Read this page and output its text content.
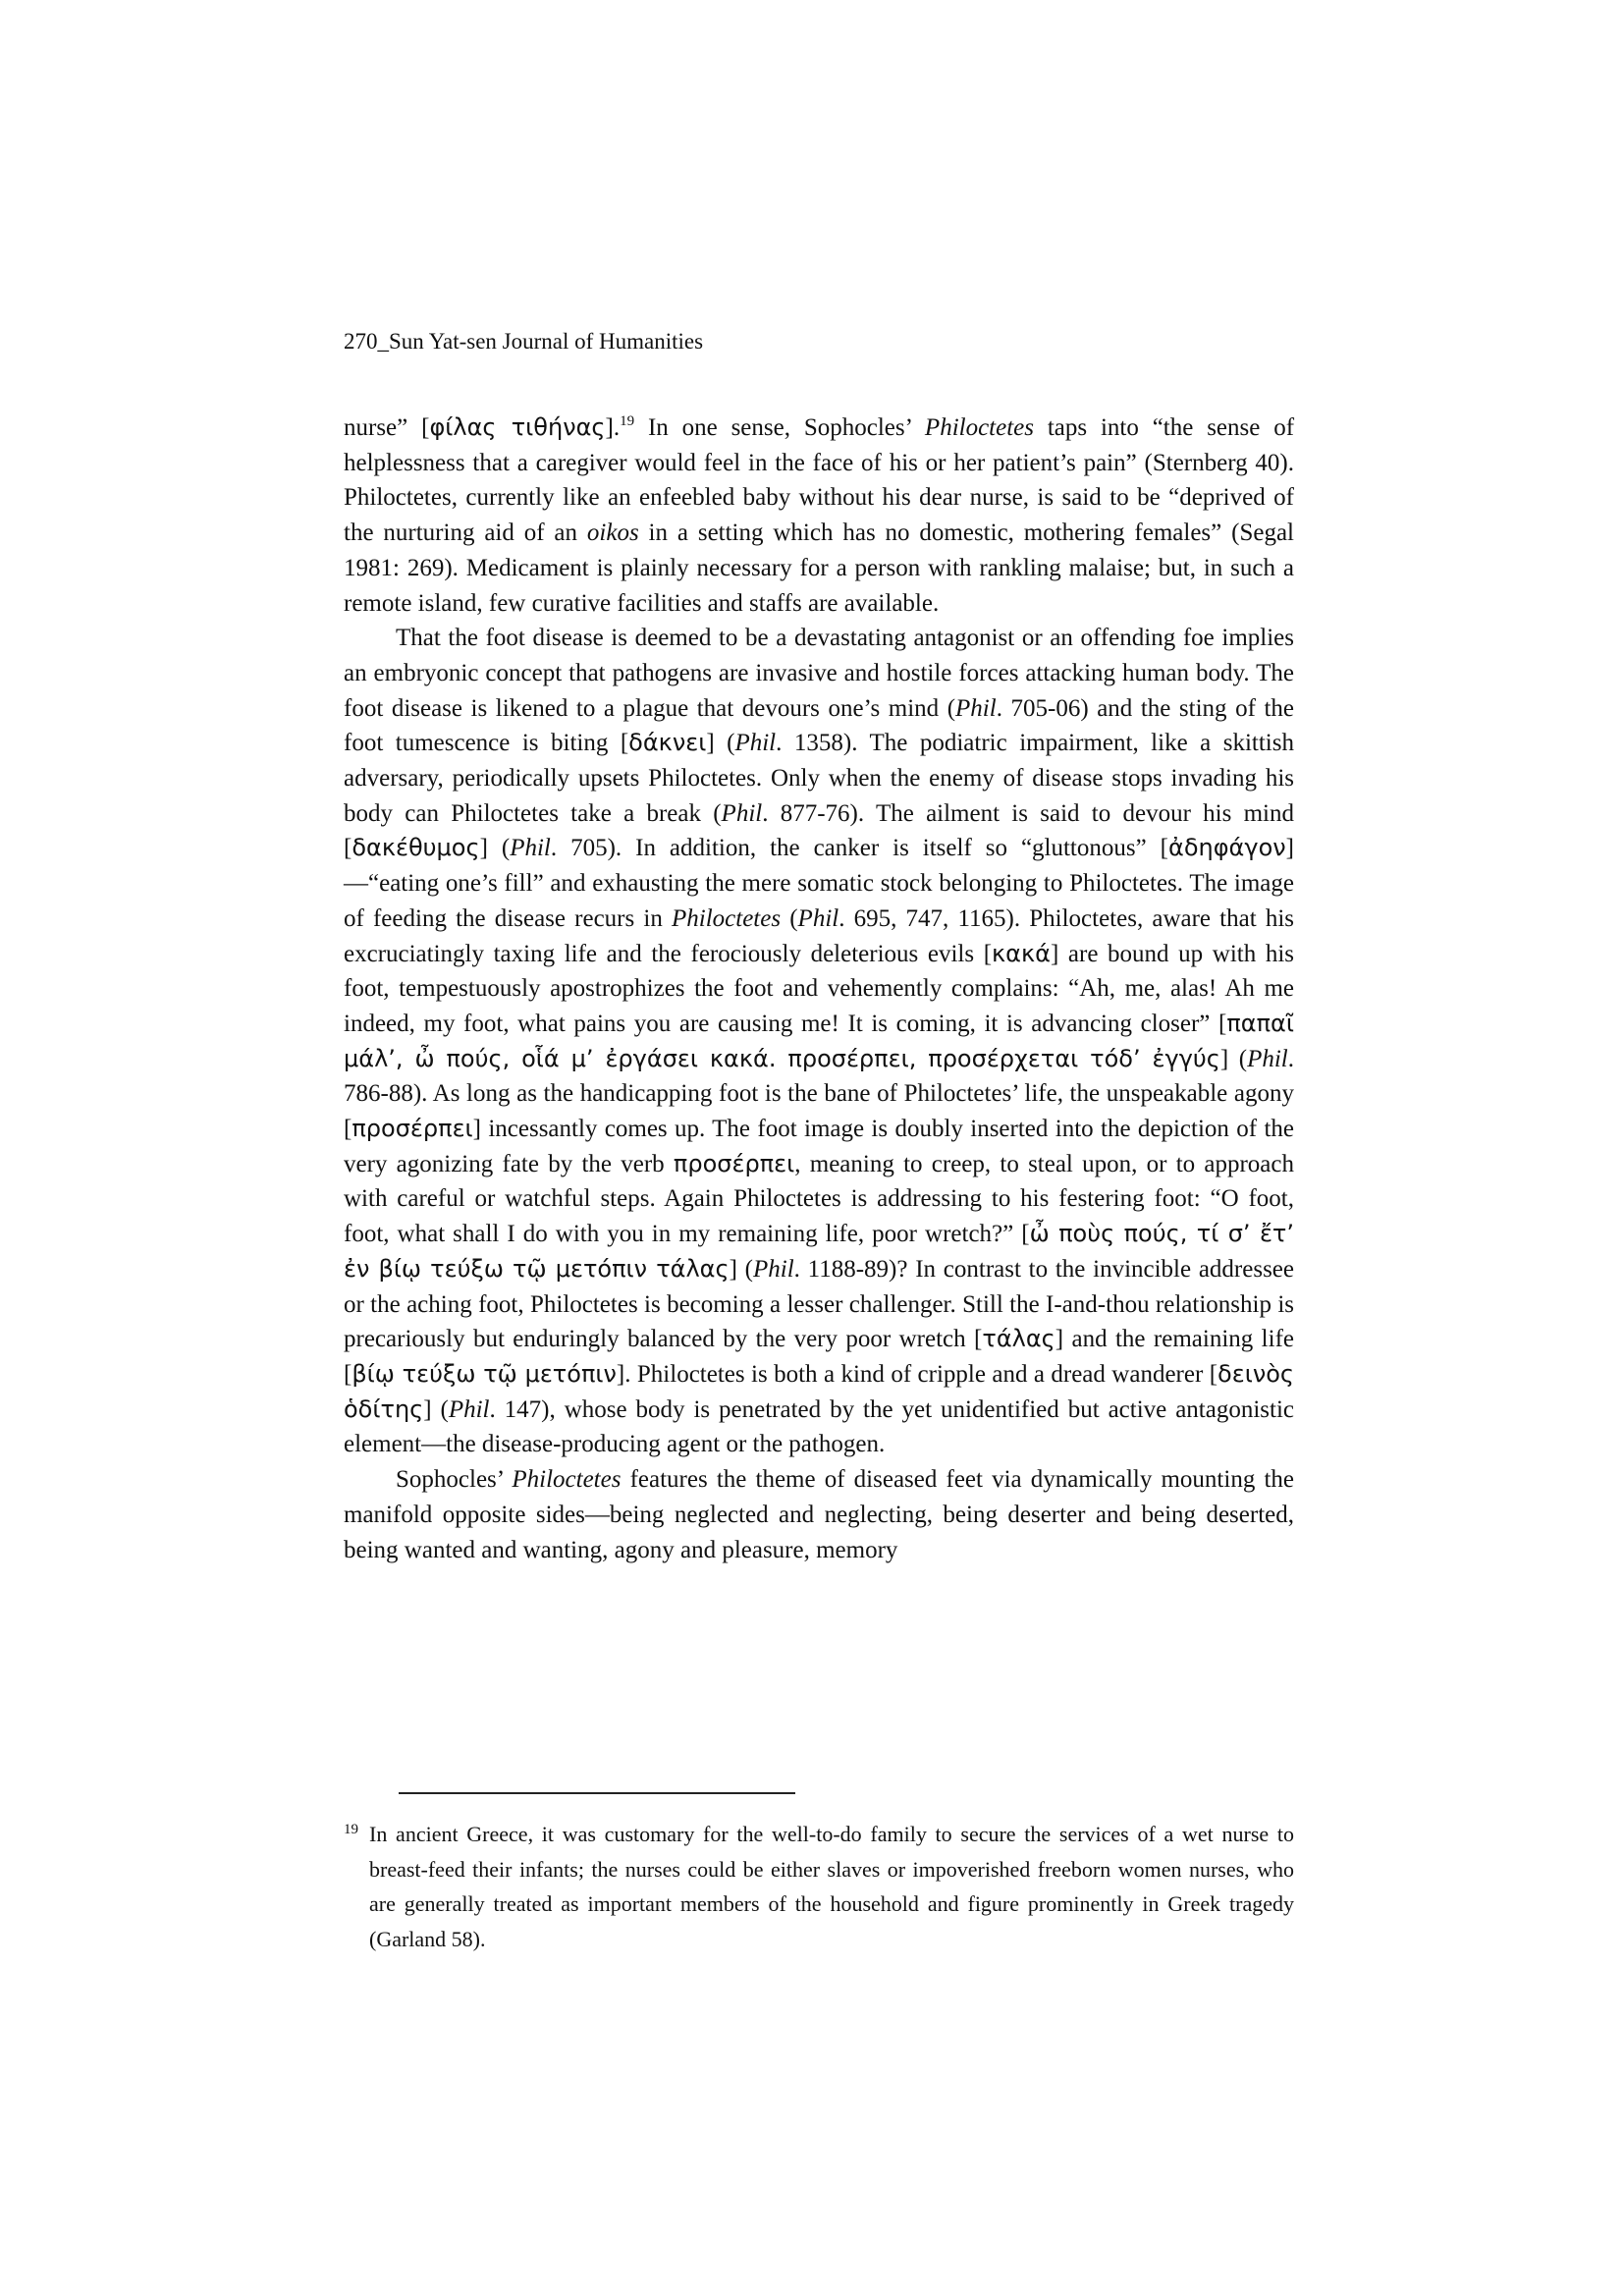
270_Sun Yat-sen Journal of Humanities

nurse” [φίλας τιθήνας].$^{19}$ In one sense, Sophocles’ Philoctetes taps into “the sense of helplessness that a caregiver would feel in the face of his or her patient’s pain” (Sternberg 40). Philoctetes, currently like an enfeebled baby without his dear nurse, is said to be “deprived of the nurturing aid of an oikos in a setting which has no domestic, mothering females” (Segal 1981: 269). Medicament is plainly necessary for a person with rankling malaise; but, in such a remote island, few curative facilities and staffs are available.

That the foot disease is deemed to be a devastating antagonist or an offending foe implies an embryonic concept that pathogens are invasive and hostile forces attacking human body. The foot disease is likened to a plague that devours one’s mind (Phil. 705-06) and the sting of the foot tumescence is biting [δάκνει] (Phil. 1358). The podiatric impairment, like a skittish adversary, periodically upsets Philoctetes. Only when the enemy of disease stops invading his body can Philoctetes take a break (Phil. 877-76). The ailment is said to devour his mind [δακέθυμος] (Phil. 705). In addition, the canker is itself so “gluttonous” [ἀδηφάγον]—“eating one’s fill” and exhausting the mere somatic stock belonging to Philoctetes. The image of feeding the disease recurs in Philoctetes (Phil. 695, 747, 1165). Philoctetes, aware that his excruciatingly taxing life and the ferociously deleterious evils [κακά] are bound up with his foot, tempestuously apostrophizes the foot and vehemently complains: “Ah, me, alas! Ah me indeed, my foot, what pains you are causing me! It is coming, it is advancing closer” [παπαῖ μάλ’, ὦ πούς, οἷά μ’ ἐργάσει κακά. προσέρπει, προσέρχεται τόδ’ ἐγγύς] (Phil. 786-88). As long as the handicapping foot is the bane of Philoctetes’ life, the unspeakable agony [προσέρπει] incessantly comes up. The foot image is doubly inserted into the depiction of the very agonizing fate by the verb προσέρπει, meaning to creep, to steal upon, or to approach with careful or watchful steps. Again Philoctetes is addressing to his festering foot: “O foot, foot, what shall I do with you in my remaining life, poor wretch?” [ὦ ποὺς πούς, τί σ’ ἔτ’ ἐν βίῳ τεύξω τῷ μετόπιν τάλας] (Phil. 1188-89)? In contrast to the invincible addressee or the aching foot, Philoctetes is becoming a lesser challenger. Still the I-and-thou relationship is precariously but enduringly balanced by the very poor wretch [τάλας] and the remaining life [βίῳ τεύξω τῷ μετόπιν]. Philoctetes is both a kind of cripple and a dread wanderer [δεινὸς ὁδίτης] (Phil. 147), whose body is penetrated by the yet unidentified but active antagonistic element—the disease-producing agent or the pathogen.

Sophocles’ Philoctetes features the theme of diseased feet via dynamically mounting the manifold opposite sides—being neglected and neglecting, being deserter and being deserted, being wanted and wanting, agony and pleasure, memory

19 In ancient Greece, it was customary for the well-to-do family to secure the services of a wet nurse to breast-feed their infants; the nurses could be either slaves or impoverished freeborn women nurses, who are generally treated as important members of the household and figure prominently in Greek tragedy (Garland 58).
